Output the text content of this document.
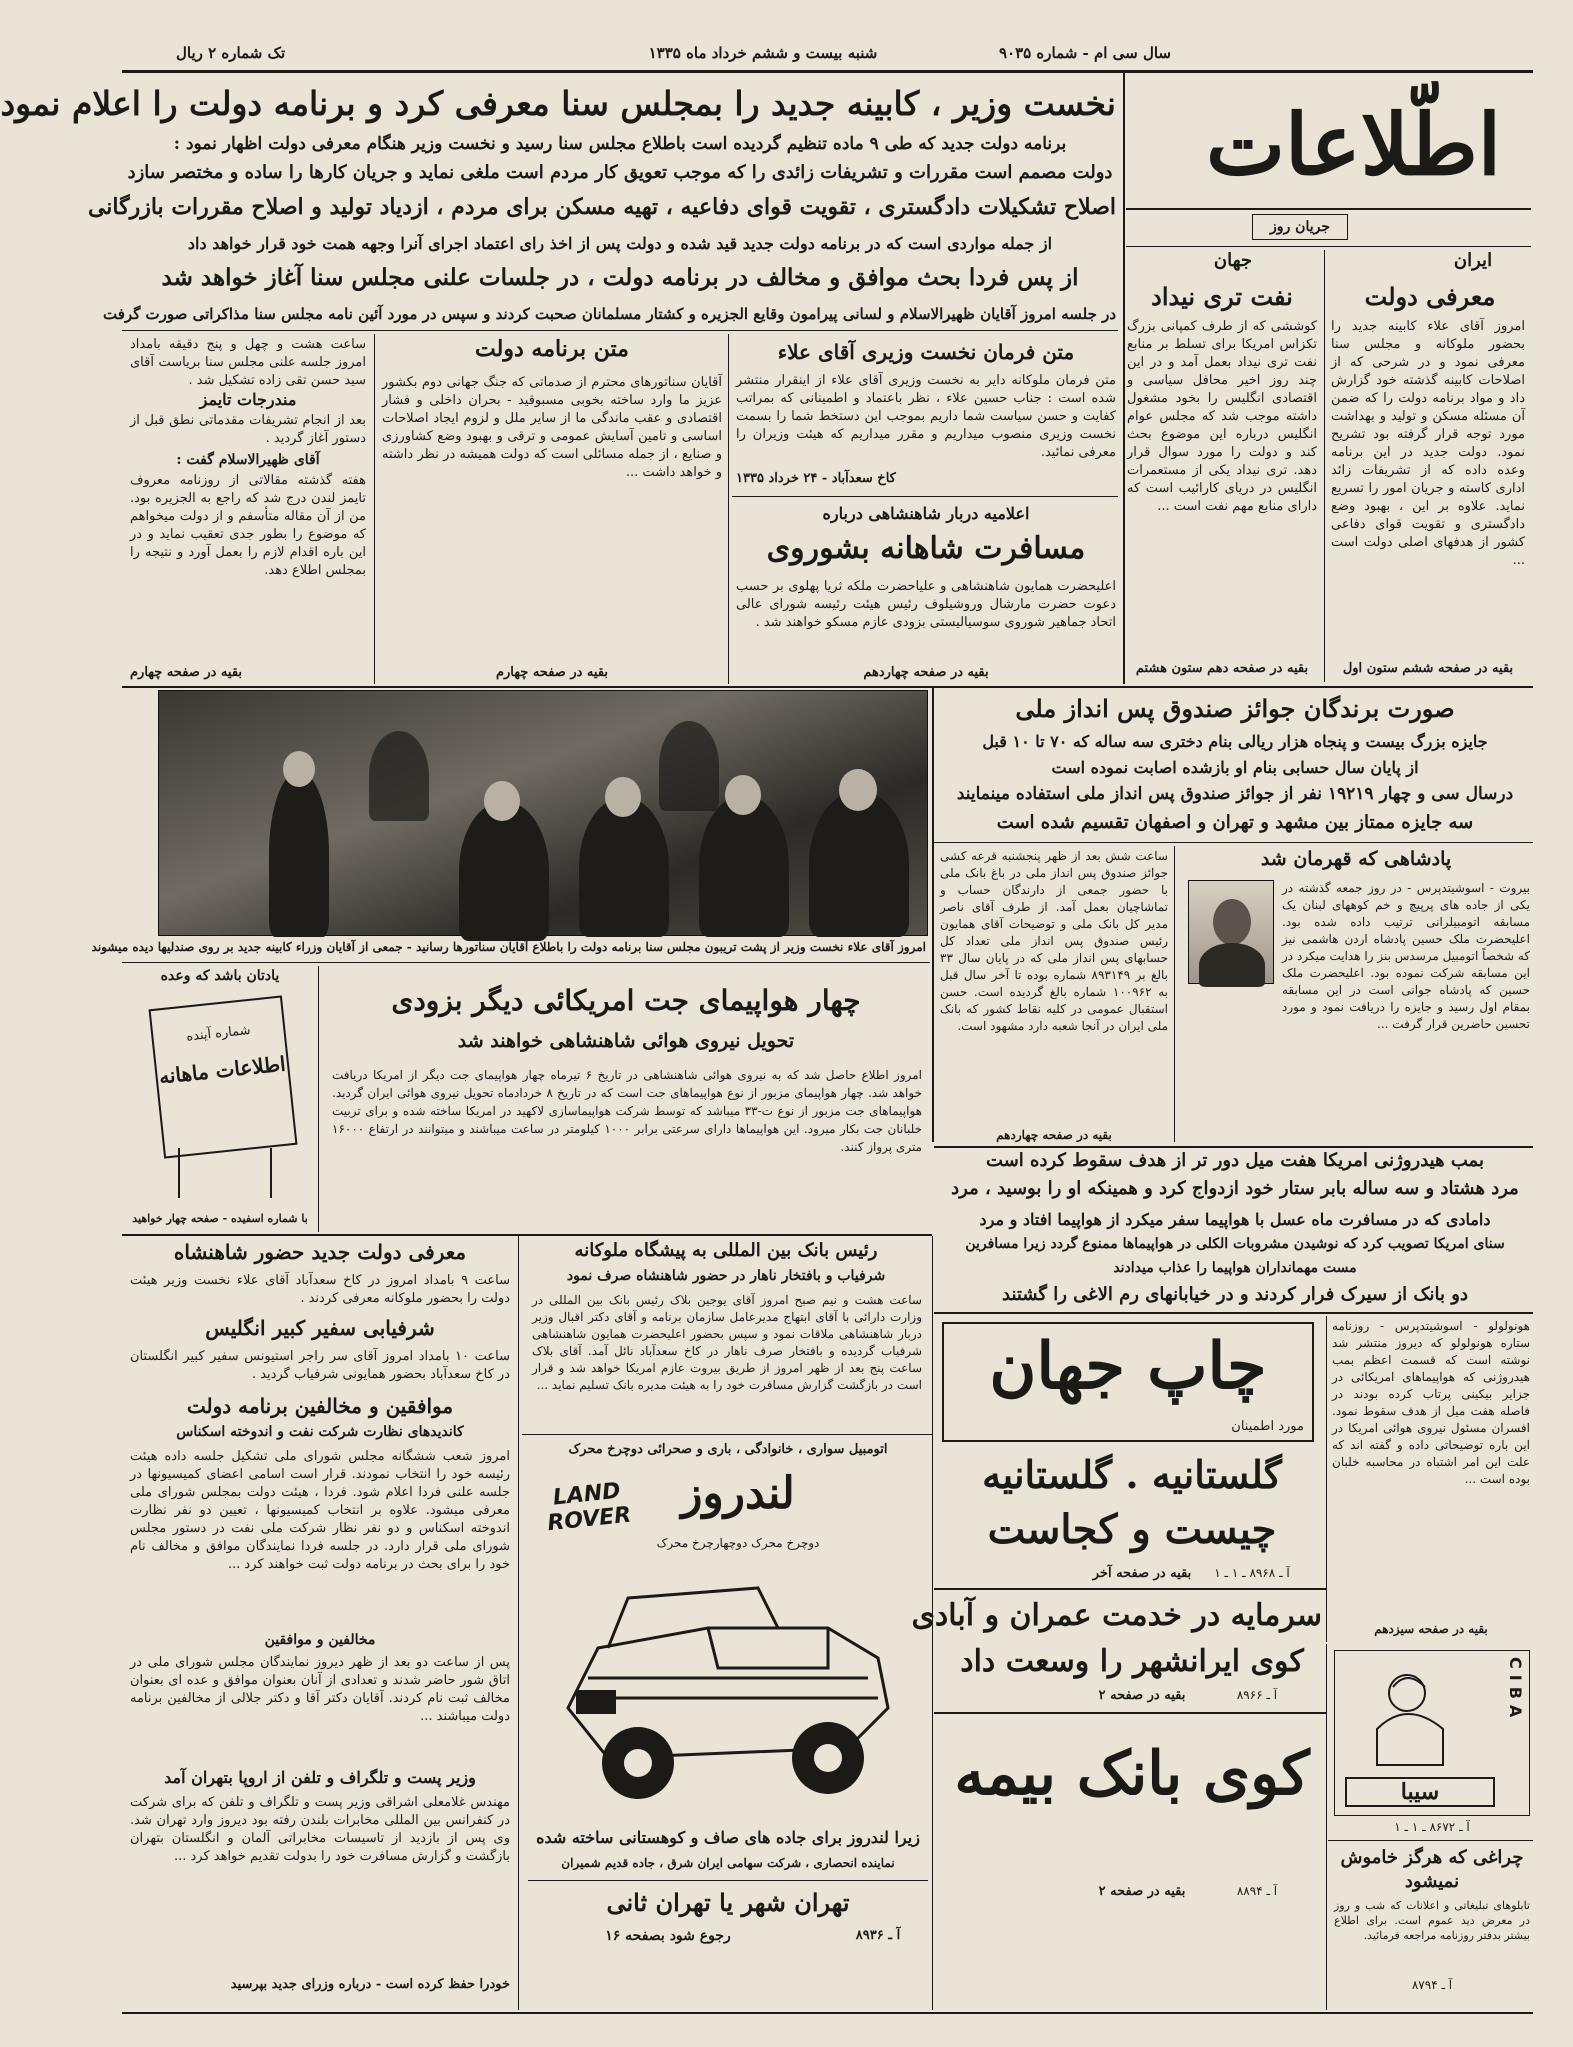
سال سی ام - شماره ۹۰۳۵
شنبه بیست و ششم خرداد ماه ۱۳۳۵
تک شماره ۲ ریال
اطّلاعات
جریان روز
ایران
جهان
معرفی دولت
امروز آقای علاء کابینه جدید را بحضور ملوکانه و مجلس سنا معرفی نمود و در شرحی که از اصلاحات کابینه گذشته خود گزارش داد و مواد برنامه دولت را که ضمن آن مسئله مسکن و تولید و بهداشت مورد توجه قرار گرفته بود تشریح نمود. دولت جدید در این برنامه وعده داده که از تشریفات زائد اداری کاسته و جریان امور را تسریع نماید. علاوه بر این ، بهبود وضع دادگستری و تقویت قوای دفاعی کشور از هدفهای اصلی دولت است ...
بقیه در صفحه ششم ستون اول
نفت تری نیداد
کوششی که از طرف کمپانی بزرگ تکزاس امریکا برای تسلط بر منابع نفت تری نیداد بعمل آمد و در این چند روز اخیر محافل سیاسی و اقتصادی انگلیس را بخود مشغول داشته موجب شد که مجلس عوام انگلیس درباره این موضوع بحث کند و دولت را مورد سوال قرار دهد. تری نیداد یکی از مستعمرات انگلیس در دریای کارائیب است که دارای منابع مهم نفت است ...
بقیه در صفحه دهم ستون هشتم
نخست وزیر ، کابینه جدید را بمجلس سنا معرفی کرد و برنامه دولت را اعلام نمود
برنامه دولت جدید که طی ۹ ماده تنظیم گردیده است باطلاع مجلس سنا رسید و نخست وزیر هنگام معرفی دولت اظهار نمود :
دولت مصمم است مقررات و تشریفات زائدی را که موجب تعویق کار مردم است ملغی نماید و جریان کارها را ساده و مختصر سازد
اصلاح تشکیلات دادگستری ، تقویت قوای دفاعیه ، تهیه مسکن برای مردم ، ازدیاد تولید و اصلاح مقررات بازرگانی
از جمله مواردی است که در برنامه دولت جدید قید شده و دولت پس از اخذ رای اعتماد اجرای آنرا وجهه همت خود قرار خواهد داد
از پس فردا بحث موافق و مخالف در برنامه دولت ، در جلسات علنی مجلس سنا آغاز خواهد شد
در جلسه امروز آقایان ظهیرالاسلام و لسانی پیرامون وقایع الجزیره و کشتار مسلمانان صحبت کردند و سپس در مورد آئین نامه مجلس سنا مذاکراتی صورت گرفت
ساعت هشت و چهل و پنج دقیقه بامداد امروز جلسه علنی مجلس سنا بریاست آقای سید حسن تقی زاده تشکیل شد .
مندرجات تایمز
بعد از انجام تشریفات مقدماتی نطق قبل از دستور آغاز گردید .
آقای ظهیرالاسلام گفت :
هفته گذشته مقالاتی از روزنامه معروف تایمز لندن درج شد که راجع به الجزیره بود. من از آن مقاله متأسفم و از دولت میخواهم که موضوع را بطور جدی تعقیب نماید و در این باره اقدام لازم را بعمل آورد و نتیجه را بمجلس اطلاع دهد.
بقیه در صفحه چهارم
متن برنامه دولت
آقایان سناتورهای محترم از صدماتی که جنگ جهانی دوم بکشور عزیز ما وارد ساخته بخوبی مسبوقید - بحران داخلی و فشار اقتصادی و عقب ماندگی ما از سایر ملل و لزوم ایجاد اصلاحات اساسی و تامین آسایش عمومی و ترقی و بهبود وضع کشاورزی و صنایع ، از جمله مسائلی است که دولت همیشه در نظر داشته و خواهد داشت ...
بقیه در صفحه چهارم
متن فرمان نخست وزیری آقای علاء
متن فرمان ملوکانه دایر به نخست وزیری آقای علاء از اینقرار منتشر شده است : جناب حسین علاء ، نظر باعتماد و اطمینانی که بمراتب کفایت و حسن سیاست شما داریم بموجب این دستخط شما را بسمت نخست وزیری منصوب میداریم و مقرر میداریم که هیئت وزیران را معرفی نمائید.
کاخ سعدآباد - ۲۴ خرداد ۱۳۳۵
اعلامیه دربار شاهنشاهی درباره
مسافرت شاهانه بشوروی
اعلیحضرت همایون شاهنشاهی و علیاحضرت ملکه ثریا پهلوی بر حسب دعوت حضرت مارشال وروشیلوف رئیس هیئت رئیسه شورای عالی اتحاد جماهیر شوروی سوسیالیستی بزودی عازم مسکو خواهند شد .
بقیه در صفحه چهاردهم
امروز آقای علاء نخست وزیر از پشت تریبون مجلس سنا برنامه دولت را باطلاع آقایان سناتورها رسانید - جمعی از آقایان وزراء کابینه جدید بر روی صندلیها دیده میشوند
صورت برندگان جوائز صندوق پس انداز ملی
جایزه بزرگ بیست و پنجاه هزار ریالی بنام دختری سه ساله که ۷۰ تا ۱۰ قبل
از پایان سال حسابی بنام او بازشده اصابت نموده است
درسال سی و چهار ۱۹۲۱۹ نفر از جوائز صندوق پس انداز ملی استفاده مینمایند
سه جایزه ممتاز بین مشهد و تهران و اصفهان تقسیم شده است
ساعت شش بعد از ظهر پنجشنبه قرعه کشی جوائز صندوق پس انداز ملی در باغ بانک ملی با حضور جمعی از دارندگان حساب و تماشاچیان بعمل آمد. از طرف آقای ناصر مدیر کل بانک ملی و توضیحات آقای همایون رئیس صندوق پس انداز ملی تعداد کل حسابهای پس انداز ملی که در پایان سال ۳۳ بالغ بر ۸۹۳۱۴۹ شماره بوده تا آخر سال قبل به ۱۰۰۹۶۲ شماره بالغ گردیده است. حسن استقبال عمومی در کلیه نقاط کشور که بانک ملی ایران در آنجا شعبه دارد مشهود است.
بقیه در صفحه چهاردهم
پادشاهی که قهرمان شد
بیروت - اسوشیتدپرس - در روز جمعه گذشته در یکی از جاده های پرپیچ و خم کوههای لبنان یک مسابقه اتومبیلرانی ترتیب داده شده بود. اعلیحضرت ملک حسین پادشاه اردن هاشمی نیز که شخصاً اتومبیل مرسدس بنز را هدایت میکرد در این مسابقه شرکت نموده بود. اعلیحضرت ملک حسین که پادشاه جوانی است در این مسابقه بمقام اول رسید و جایزه را دریافت نمود و مورد تحسین حاضرین قرار گرفت ...
یادتان باشد که وعده
شماره آینده
اطلاعات ماهانه
با شماره اسفیده - صفحه چهار خواهید
چهار هواپیمای جت امریکائی دیگر بزودی
تحویل نیروی هوائی شاهنشاهی خواهند شد
امروز اطلاع حاصل شد که به نیروی هوائی شاهنشاهی در تاریخ ۶ تیرماه چهار هواپیمای جت دیگر از امریکا دریافت خواهد شد. چهار هواپیمای مزبور از نوع هواپیماهای جت است که در تاریخ ۸ خردادماه تحویل نیروی هوائی ایران گردید. هواپیماهای جت مزبور از نوع ت-۳۳ میباشد که توسط شرکت هواپیماسازی لاکهید در امریکا ساخته شده و برای تربیت خلبانان جت بکار میرود. این هواپیماها دارای سرعتی برابر ۱۰۰۰ کیلومتر در ساعت میباشند و میتوانند در ارتفاع ۱۶۰۰۰ متری پرواز کنند.
بمب هیدروژنی امریکا هفت میل دور تر از هدف سقوط کرده است
مرد هشتاد و سه ساله بابر ستار خود ازدواج کرد و همینکه او را بوسید ، مرد
دامادی که در مسافرت ماه عسل با هواپیما سفر میکرد از هواپیما افتاد و مرد
سنای امریکا تصویب کرد که نوشیدن مشروبات الکلی در هواپیماها ممنوع گردد زیرا مسافرین
مست مهمانداران هواپیما را عذاب میدادند
دو بانک از سیرک فرار کردند و در خیابانهای رم الاغی را گشتند
هونولولو - اسوشیتدپرس - روزنامه ستاره هونولولو که دیروز منتشر شد نوشته است که قسمت اعظم بمب هیدروژنی که هواپیماهای امریکائی در جزایر بیکینی پرتاب کرده بودند در فاصله هفت میل از هدف سقوط نمود. افسران مسئول نیروی هوائی امریکا در این باره توضیحاتی داده و گفته اند که علت این امر اشتباه در محاسبه خلبان بوده است ...
بقیه در صفحه سیزدهم
معرفی دولت جدید حضور شاهنشاه
ساعت ۹ بامداد امروز در کاخ سعدآباد آقای علاء نخست وزیر هیئت دولت را بحضور ملوکانه معرفی کردند .
شرفیابی سفیر کبیر انگلیس
ساعت ۱۰ بامداد امروز آقای سر راجر استیونس سفیر کبیر انگلستان در کاخ سعدآباد بحضور همایونی شرفیاب گردید .
موافقین و مخالفین برنامه دولت
کاندیدهای نظارت شرکت نفت و اندوخته اسکناس
امروز شعب ششگانه مجلس شورای ملی تشکیل جلسه داده هیئت رئیسه خود را انتخاب نمودند. قرار است اسامی اعضای کمیسیونها در جلسه علنی فردا اعلام شود. فردا ، هیئت دولت بمجلس شورای ملی معرفی میشود. علاوه بر انتخاب کمیسیونها ، تعیین دو نفر نظارت اندوخته اسکناس و دو نفر نظار شرکت ملی نفت در دستور مجلس شورای ملی قرار دارد. در جلسه فردا نمایندگان موافق و مخالف نام خود را برای بحث در برنامه دولت ثبت خواهند کرد ...
مخالفین و موافقین
پس از ساعت دو بعد از ظهر دیروز نمایندگان مجلس شورای ملی در اتاق شور حاضر شدند و تعدادی از آنان بعنوان موافق و عده ای بعنوان مخالف ثبت نام کردند. آقایان دکتر آقا و دکتر جلالی از مخالفین برنامه دولت میباشند ...
وزیر پست و تلگراف و تلفن از اروپا بتهران آمد
مهندس غلامعلی اشراقی وزیر پست و تلگراف و تلفن که برای شرکت در کنفرانس بین المللی مخابرات بلندن رفته بود دیروز وارد تهران شد. وی پس از بازدید از تاسیسات مخابراتی آلمان و انگلستان بتهران بازگشت و گزارش مسافرت خود را بدولت تقدیم خواهد کرد ...
خودرا حفظ کرده است - درباره وزرای جدید بپرسید
رئیس بانک بین المللی به پیشگاه ملوکانه
شرفیاب و بافتخار ناهار در حضور شاهنشاه صرف نمود
ساعت هشت و نیم صبح امروز آقای یوجین بلاک رئیس بانک بین المللی در وزارت دارائی با آقای ابتهاج مدیرعامل سازمان برنامه و آقای دکتر اقبال وزیر دربار شاهنشاهی ملاقات نمود و سپس بحضور اعلیحضرت همایون شاهنشاهی شرفیاب گردیده و بافتخار صرف ناهار در کاخ سعدآباد نائل آمد. آقای بلاک ساعت پنج بعد از ظهر امروز از طریق بیروت عازم امریکا خواهد شد و قرار است در بازگشت گزارش مسافرت خود را به هیئت مدیره بانک تسلیم نماید ...
اتومبیل سواری ، خانوادگی ، باری و صحرائی دوچرخ محرک
لندروز
LAND ROVER
دوچرخ محرک دوچهارچرخ محرک
زیرا لندروز برای جاده های صاف و کوهستانی ساخته شده
نماینده انحصاری ، شرکت سهامی ایران شرق ، جاده قدیم شمیران
تهران شهر یا تهران ثانی
رجوع شود بصفحه ۱۶	آ ـ ۸۹۳۶
چاپ جهان
مورد اطمینان
گلستانیه . گلستانیه
چیست و کجاست
بقیه در صفحه آخر	آ ـ ۸۹۶۸ ـ ۱ ـ ۱
سرمایه در خدمت عمران و آبادی
کوی ایرانشهر را وسعت داد
آ ـ ۸۹۶۶
بقیه در صفحه ۲
کوی بانک بیمه
آ ـ ۸۸۹۴
بقیه در صفحه ۲
CIBA
سیبا
آ ـ ۸۶۷۲ ـ ۱ ـ ۱
چراغی که هرگز خاموش نمیشود
تابلوهای تبلیغاتی و اعلانات که شب و روز در معرض دید عموم است. برای اطلاع بیشتر بدفتر روزنامه مراجعه فرمائید.
آ ـ ۸۷۹۴
